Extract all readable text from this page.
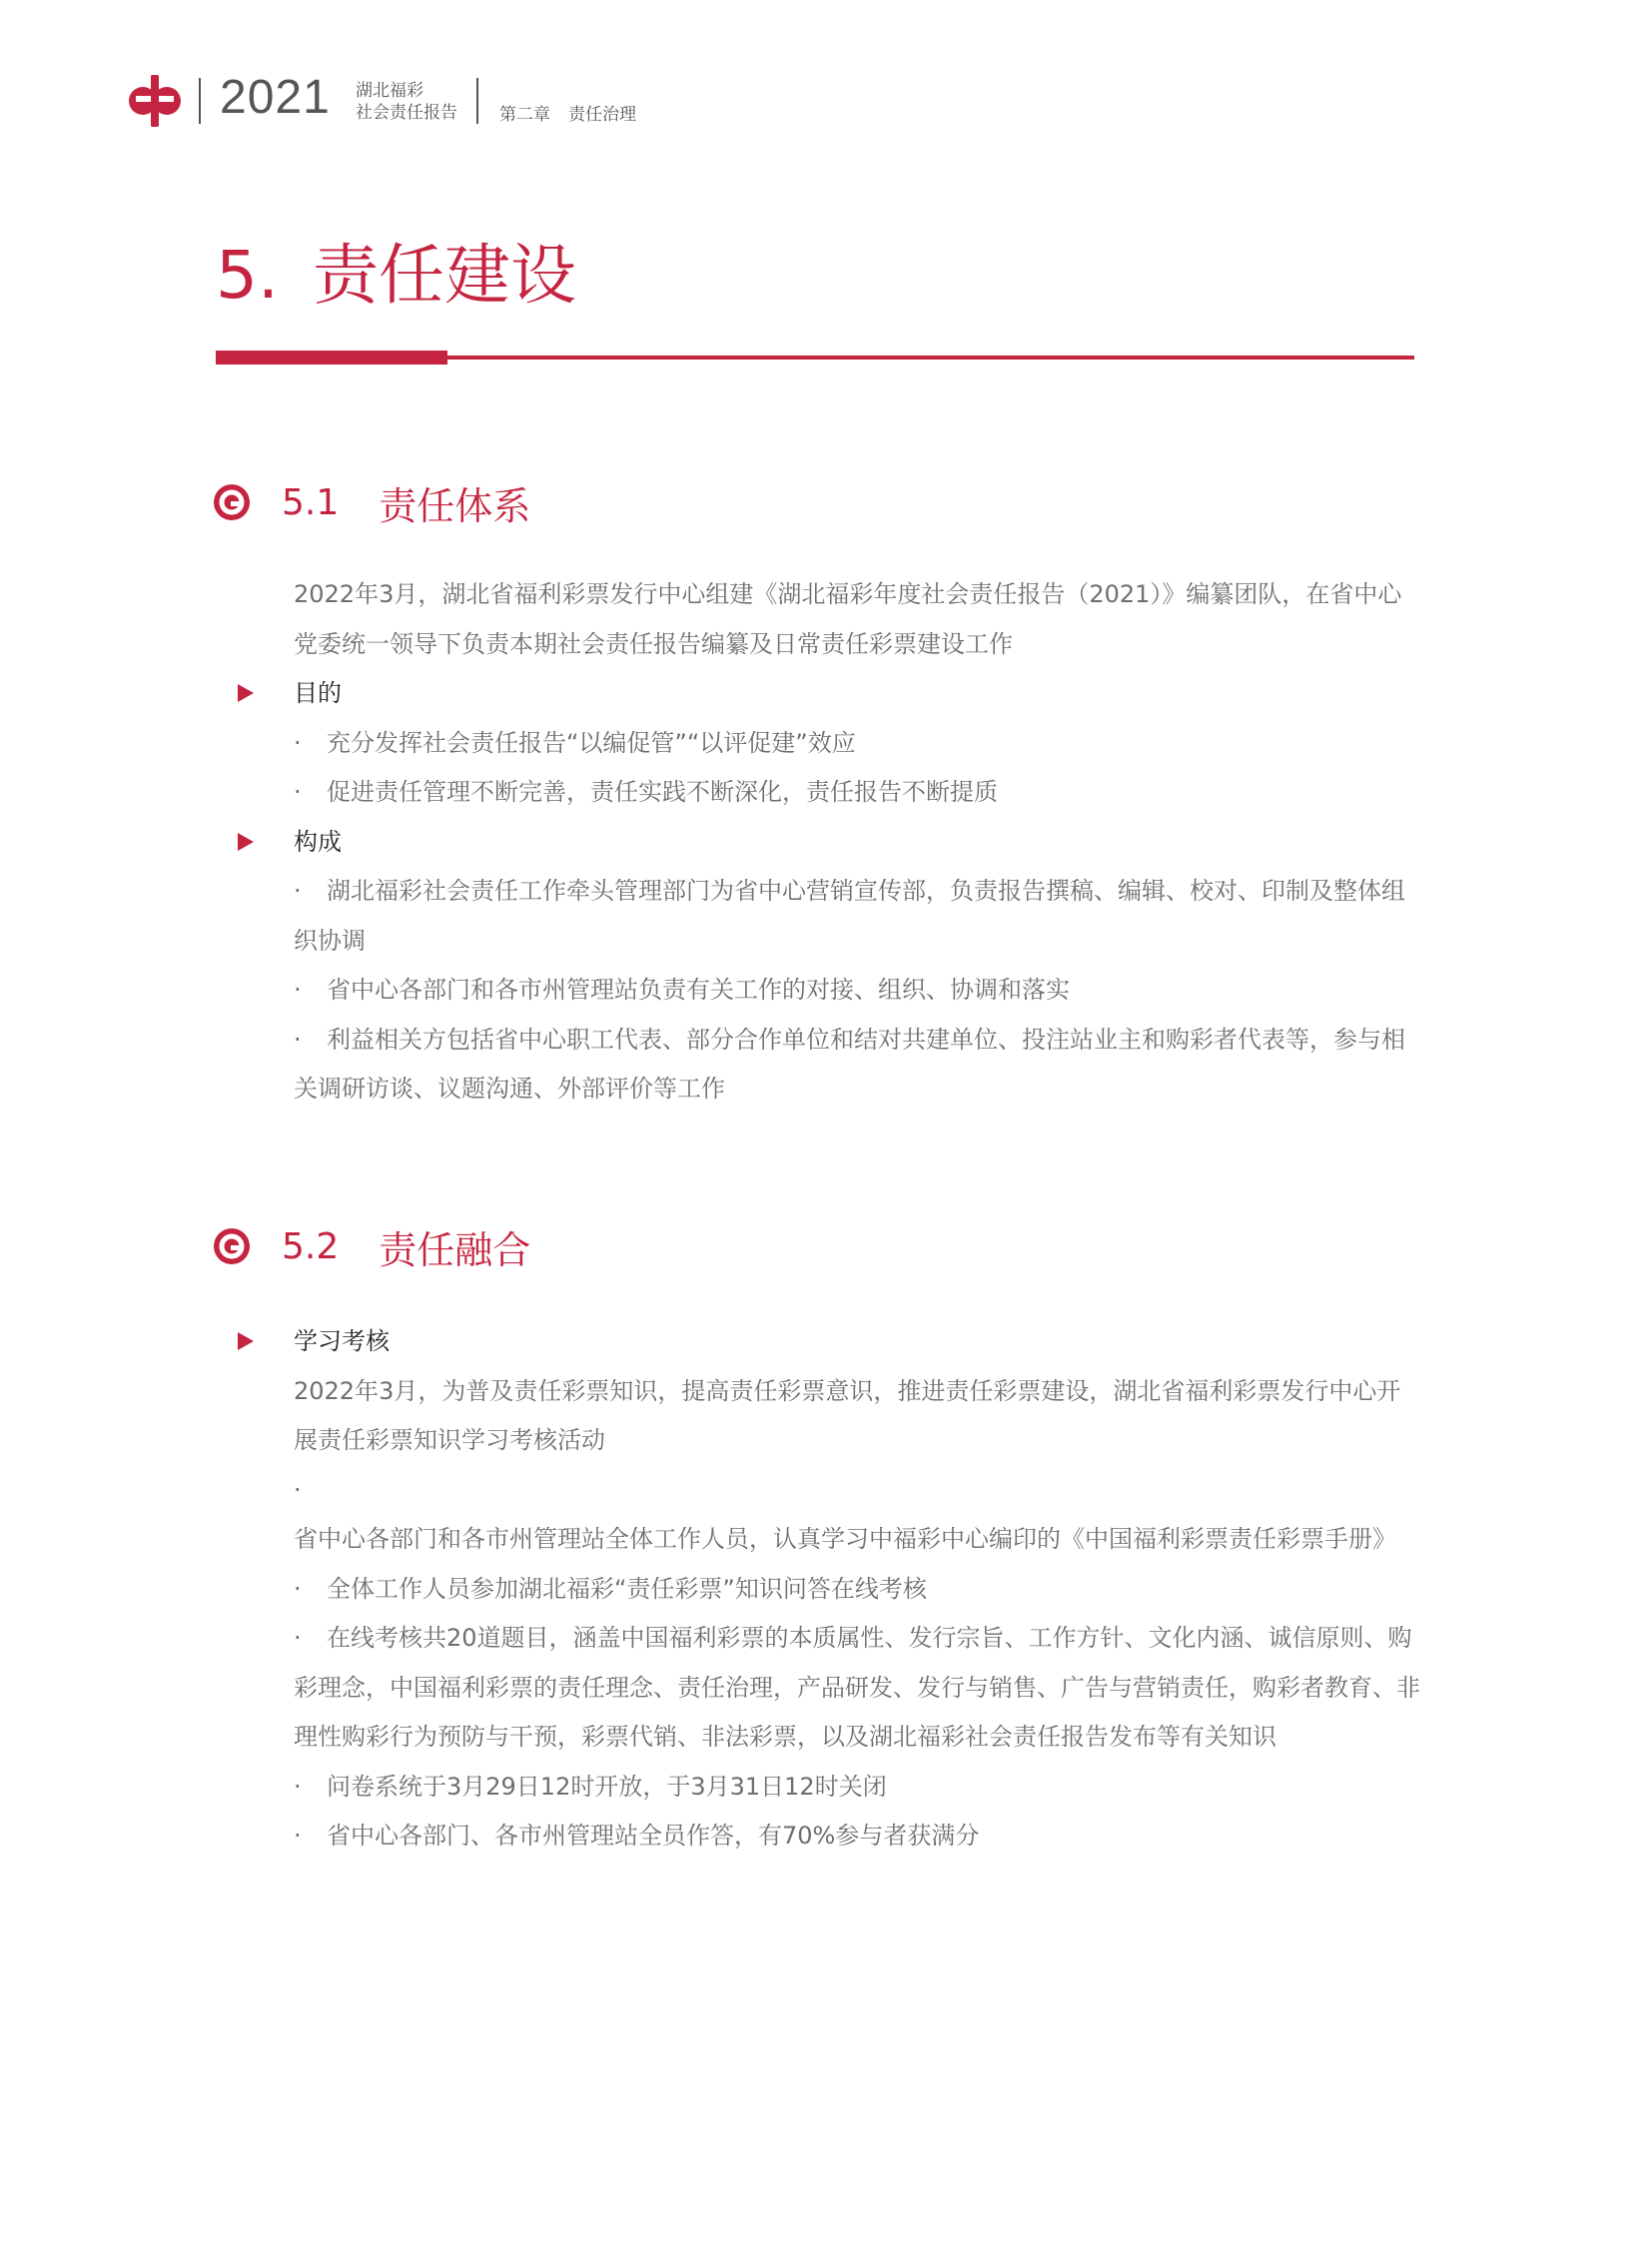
2021 湖北福彩
社会责任报告 第二章 责任治理
5. 责任建设
5.1 责任体系

2022年3月，湖北省福利彩票发行中心组建《湖北福彩年度社会责任报告（2021）》编纂团队，在省中心党委统一领导下负责本期社会责任报告编纂及日常责任彩票建设工作

目的

· 充分发挥社会责任报告“以编促管”“以评促建”效应

· 促进责任管理不断完善，责任实践不断深化，责任报告不断提质

构成

· 湖北福彩社会责任工作牵头管理部门为省中心营销宣传部，负责报告撰稿、编辑、校对、印制及整体组织协调

· 省中心各部门和各市州管理站负责有关工作的对接、组织、协调和落实

· 利益相关方包括省中心职工代表、部分合作单位和结对共建单位、投注站业主和购彩者代表等，参与相关调研访谈、议题沟通、外部评价等工作

5.2 责任融合

学习考核

2022年3月，为普及责任彩票知识，提高责任彩票意识，推进责任彩票建设，湖北省福利彩票发行中心开展责任彩票知识学习考核活动

·省中心各部门和各市州管理站全体工作人员，认真学习中福彩中心编印的《中国福利彩票责任彩票手册》

· 全体工作人员参加湖北福彩“责任彩票”知识问答在线考核

· 在线考核共20道题目，涵盖中国福利彩票的本质属性、发行宗旨、工作方针、文化内涵、诚信原则、购彩理念，中国福利彩票的责任理念、责任治理，产品研发、发行与销售、广告与营销责任，购彩者教育、非理性购彩行为预防与干预，彩票代销、非法彩票，以及湖北福彩社会责任报告发布等有关知识

· 问卷系统于3月29日12时开放，于3月31日12时关闭

· 省中心各部门、各市州管理站全员作答，有70%参与者获满分
